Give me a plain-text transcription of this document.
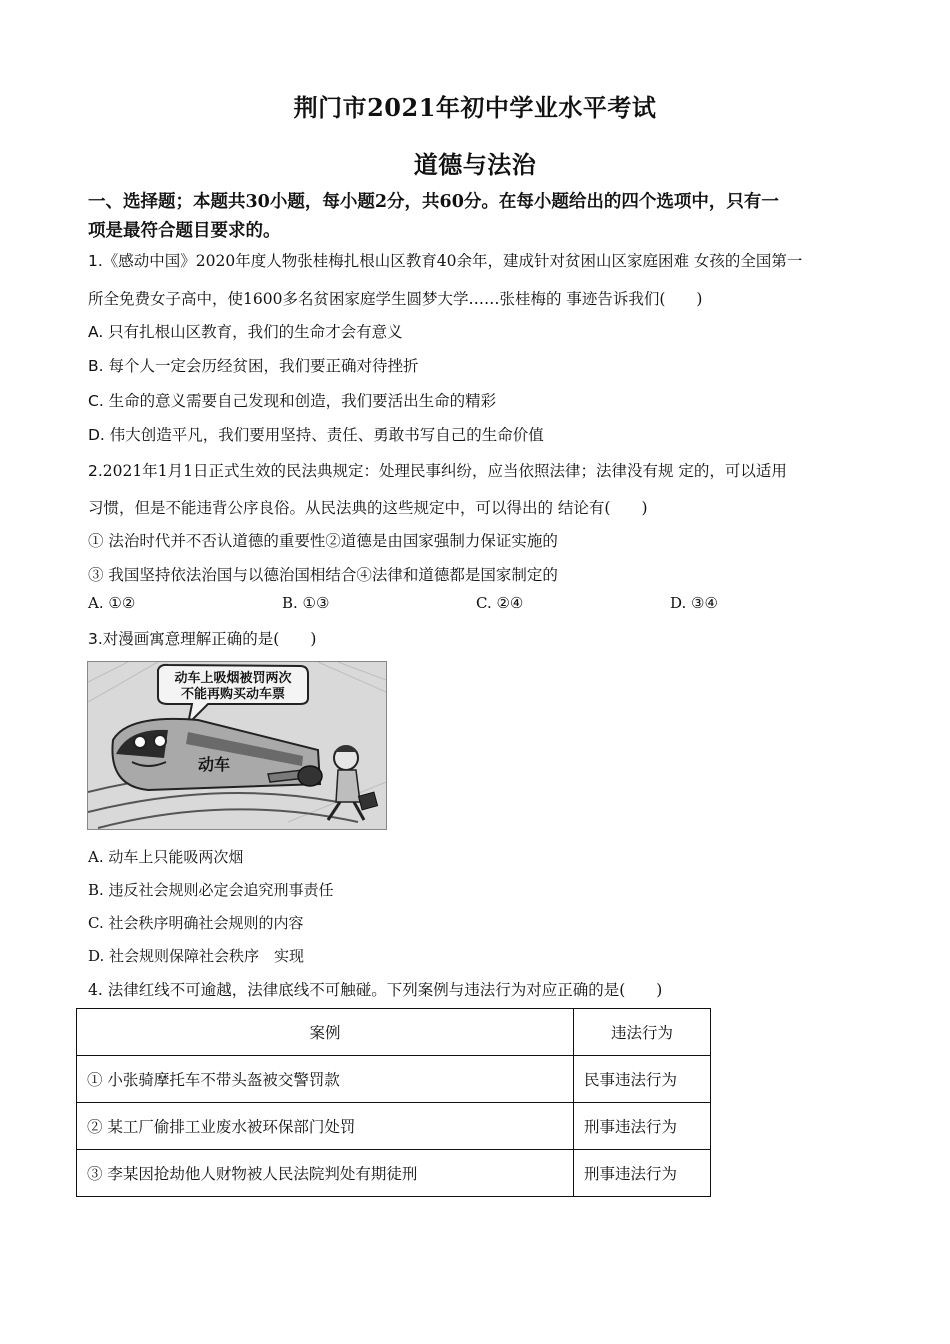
荆门市2021年初中学业水平考试
道德与法治
一、选择题；本题共30小题，每小题2分，共60分。在每小题给出的四个选项中，只有一
项是最符合题目要求的。
1.《感动中国》2020年度人物张桂梅扎根山区教育40余年，建成针对贫困山区家庭困难 女孩的全国第一
所全免费女子高中，使1600多名贫困家庭学生圆梦大学……张桂梅的 事迹告诉我们(　　)
A. 只有扎根山区教育，我们的生命才会有意义
B. 每个人一定会历经贫困，我们要正确对待挫折
C. 生命的意义需要自己发现和创造，我们要活出生命的精彩
D. 伟大创造平凡，我们要用坚持、责任、勇敢书写自己的生命价值
2.2021年1月1日正式生效的民法典规定：处理民事纠纷，应当依照法律；法律没有规 定的，可以适用
习惯，但是不能违背公序良俗。从民法典的这些规定中，可以得出的 结论有(　　)
① 法治时代并不否认道德的重要性②道德是由国家强制力保证实施的
③ 我国坚持依法治国与以德治国相结合④法律和道德都是国家制定的
A. ①②	B. ①③	C. ②④	D. ③④
3.对漫画寓意理解正确的是(　　)
动车上吸烟被罚两次
不能再购买动车票
动车
A. 动车上只能吸两次烟
B. 违反社会规则必定会追究刑事责任
C. 社会秩序明确社会规则的内容
D. 社会规则保障社会秩序　实现
4. 法律红线不可逾越，法律底线不可触碰。下列案例与违法行为对应正确的是(　　)
案例	违法行为
① 小张骑摩托车不带头盔被交警罚款	民事违法行为
② 某工厂偷排工业废水被环保部门处罚	刑事违法行为
③ 李某因抢劫他人财物被人民法院判处有期徒刑	刑事违法行为
